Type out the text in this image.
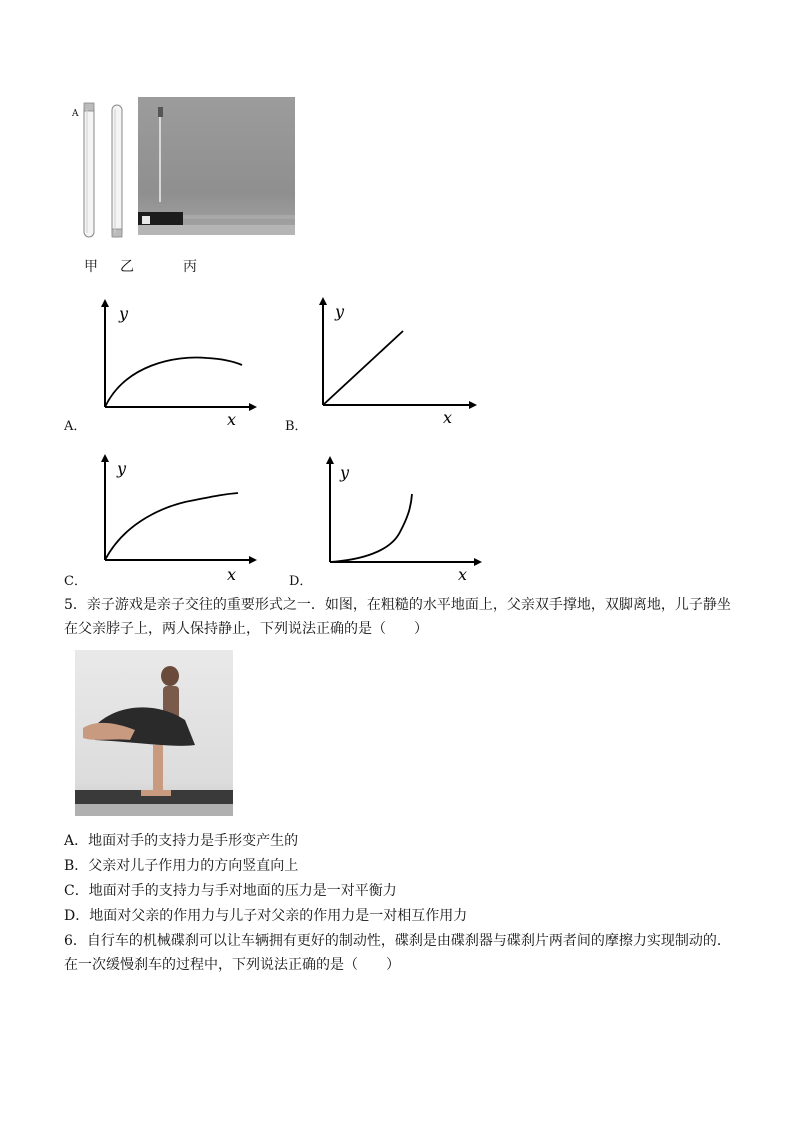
A
甲 乙	丙
y
x
A．
y
x
B．
y
x
C．
y
x
D．
5．亲子游戏是亲子交往的重要形式之一．如图，在粗糙的水平地面上，父亲双手撑地，双脚离地，儿子静坐在父亲脖子上，两人保持静止，下列说法正确的是（　　）
A．地面对手的支持力是手形变产生的
B．父亲对儿子作用力的方向竖直向上
C．地面对手的支持力与手对地面的压力是一对平衡力
D．地面对父亲的作用力与儿子对父亲的作用力是一对相互作用力
6．自行车的机械碟刹可以让车辆拥有更好的制动性，碟刹是由碟刹器与碟刹片两者间的摩擦力实现制动的．在一次缓慢刹车的过程中，下列说法正确的是（　　）
